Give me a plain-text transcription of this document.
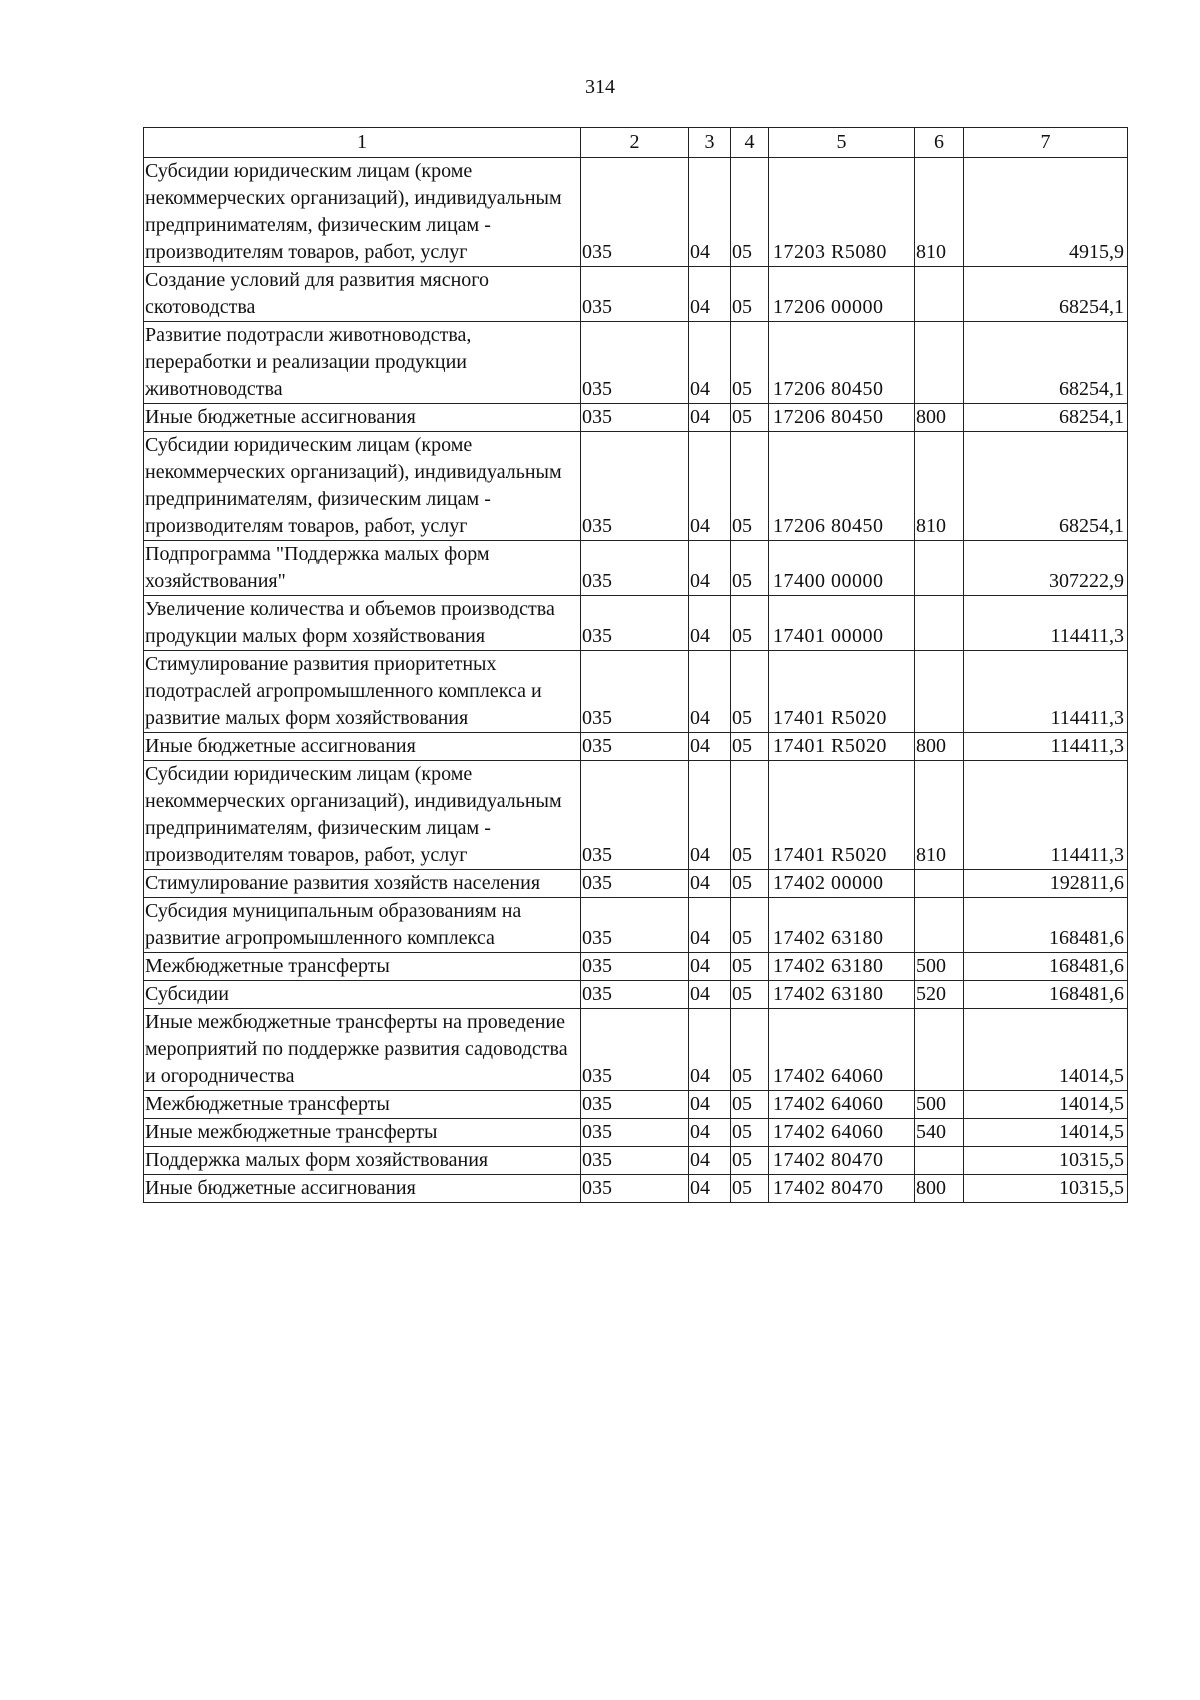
314
1	2	3	4	5	6	7
Субсидии юридическим лицам (кроме некоммерческих организаций), индивидуальным предпринимателям, физическим лицам - производителям товаров, работ, услуг	035	04	05	17203 R5080	810	4915,9
Создание условий для развития мясного скотоводства	035	04	05	17206 00000		68254,1
Развитие подотрасли животноводства, переработки и реализации продукции животноводства	035	04	05	17206 80450		68254,1
Иные бюджетные ассигнования	035	04	05	17206 80450	800	68254,1
Субсидии юридическим лицам (кроме некоммерческих организаций), индивидуальным предпринимателям, физическим лицам - производителям товаров, работ, услуг	035	04	05	17206 80450	810	68254,1
Подпрограмма "Поддержка малых форм хозяйствования"	035	04	05	17400 00000		307222,9
Увеличение количества и объемов производства продукции малых форм хозяйствования	035	04	05	17401 00000		114411,3
Стимулирование развития приоритетных подотраслей агропромышленного комплекса и развитие малых форм хозяйствования	035	04	05	17401 R5020		114411,3
Иные бюджетные ассигнования	035	04	05	17401 R5020	800	114411,3
Субсидии юридическим лицам (кроме некоммерческих организаций), индивидуальным предпринимателям, физическим лицам - производителям товаров, работ, услуг	035	04	05	17401 R5020	810	114411,3
Стимулирование развития хозяйств населения	035	04	05	17402 00000		192811,6
Субсидия муниципальным образованиям на развитие агропромышленного комплекса	035	04	05	17402 63180		168481,6
Межбюджетные трансферты	035	04	05	17402 63180	500	168481,6
Субсидии	035	04	05	17402 63180	520	168481,6
Иные межбюджетные трансферты на проведение мероприятий по поддержке развития садоводства и огородничества	035	04	05	17402 64060		14014,5
Межбюджетные трансферты	035	04	05	17402 64060	500	14014,5
Иные межбюджетные трансферты	035	04	05	17402 64060	540	14014,5
Поддержка малых форм хозяйствования	035	04	05	17402 80470		10315,5
Иные бюджетные ассигнования	035	04	05	17402 80470	800	10315,5
